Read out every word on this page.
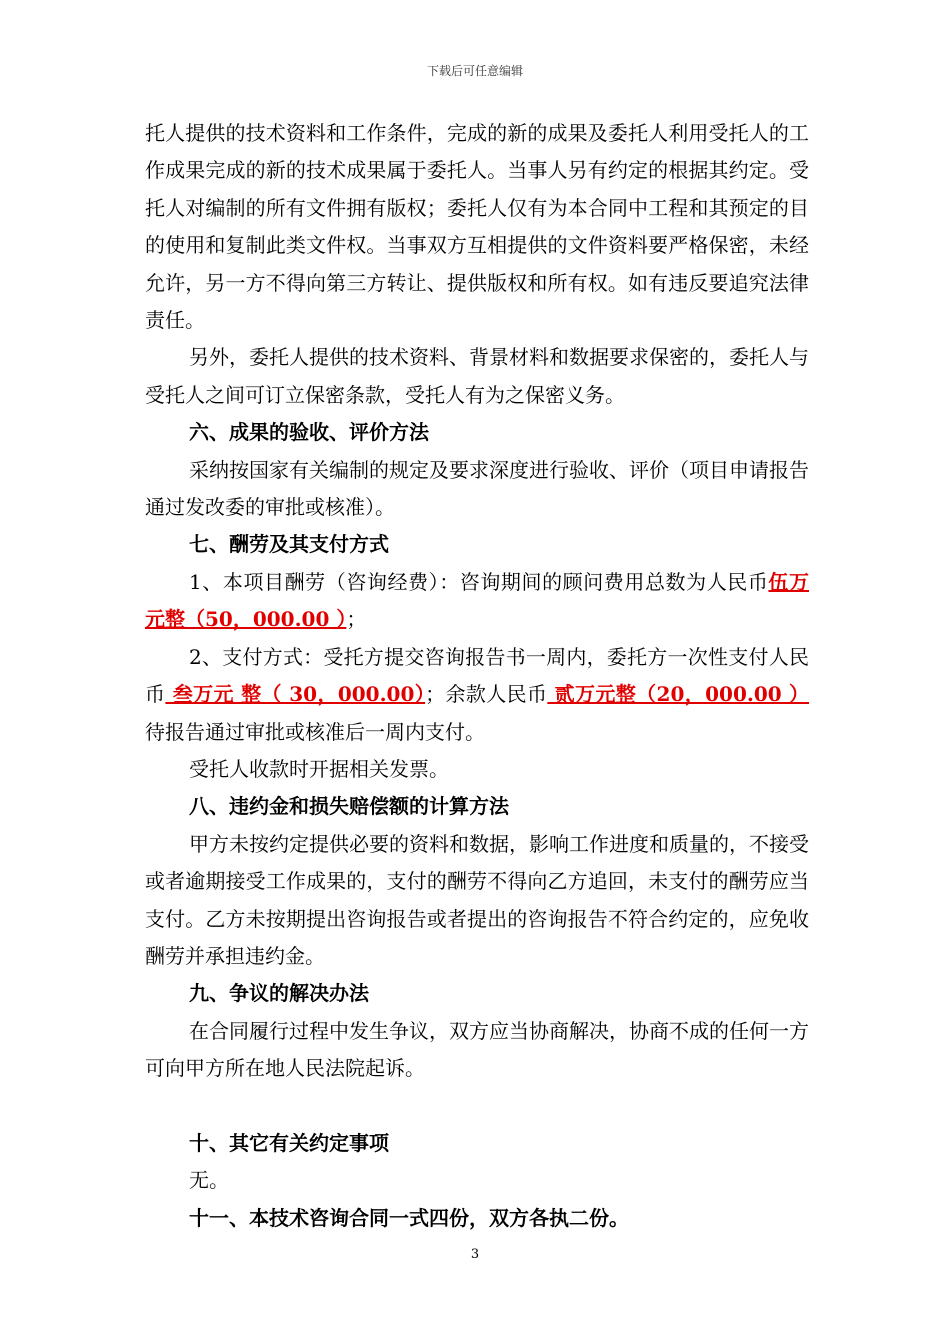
下载后可任意编辑

托人提供的技术资料和工作条件，完成的新的成果及委托人利用受托人的工作成果完成的新的技术成果属于委托人。当事人另有约定的根据其约定。受托人对编制的所有文件拥有版权；委托人仅有为本合同中工程和其预定的目的使用和复制此类文件权。当事双方互相提供的文件资料要严格保密，未经允许，另一方不得向第三方转让、提供版权和所有权。如有违反要追究法律责任。

另外，委托人提供的技术资料、背景材料和数据要求保密的，委托人与受托人之间可订立保密条款，受托人有为之保密义务。

六、成果的验收、评价方法

采纳按国家有关编制的规定及要求深度进行验收、评价（项目申请报告通过发改委的审批或核准）。

七、酬劳及其支付方式

1、本项目酬劳（咨询经费）：咨询期间的顾问费用总数为人民币伍万元整（50，000.00 ）；

2、支付方式：受托方提交咨询报告书一周内，委托方一次性支付人民币 叁万元 整（ 30，000.00）；余款人民币 贰万元整（20，000.00 ）待报告通过审批或核准后一周内支付。

受托人收款时开据相关发票。

八、违约金和损失赔偿额的计算方法

甲方未按约定提供必要的资料和数据，影响工作进度和质量的，不接受或者逾期接受工作成果的，支付的酬劳不得向乙方追回，未支付的酬劳应当支付。乙方未按期提出咨询报告或者提出的咨询报告不符合约定的，应免收酬劳并承担违约金。

九、争议的解决办法

在合同履行过程中发生争议，双方应当协商解决，协商不成的任何一方可向甲方所在地人民法院起诉。

十、其它有关约定事项

无。

十一、本技术咨询合同一式四份，双方各执二份。

3
